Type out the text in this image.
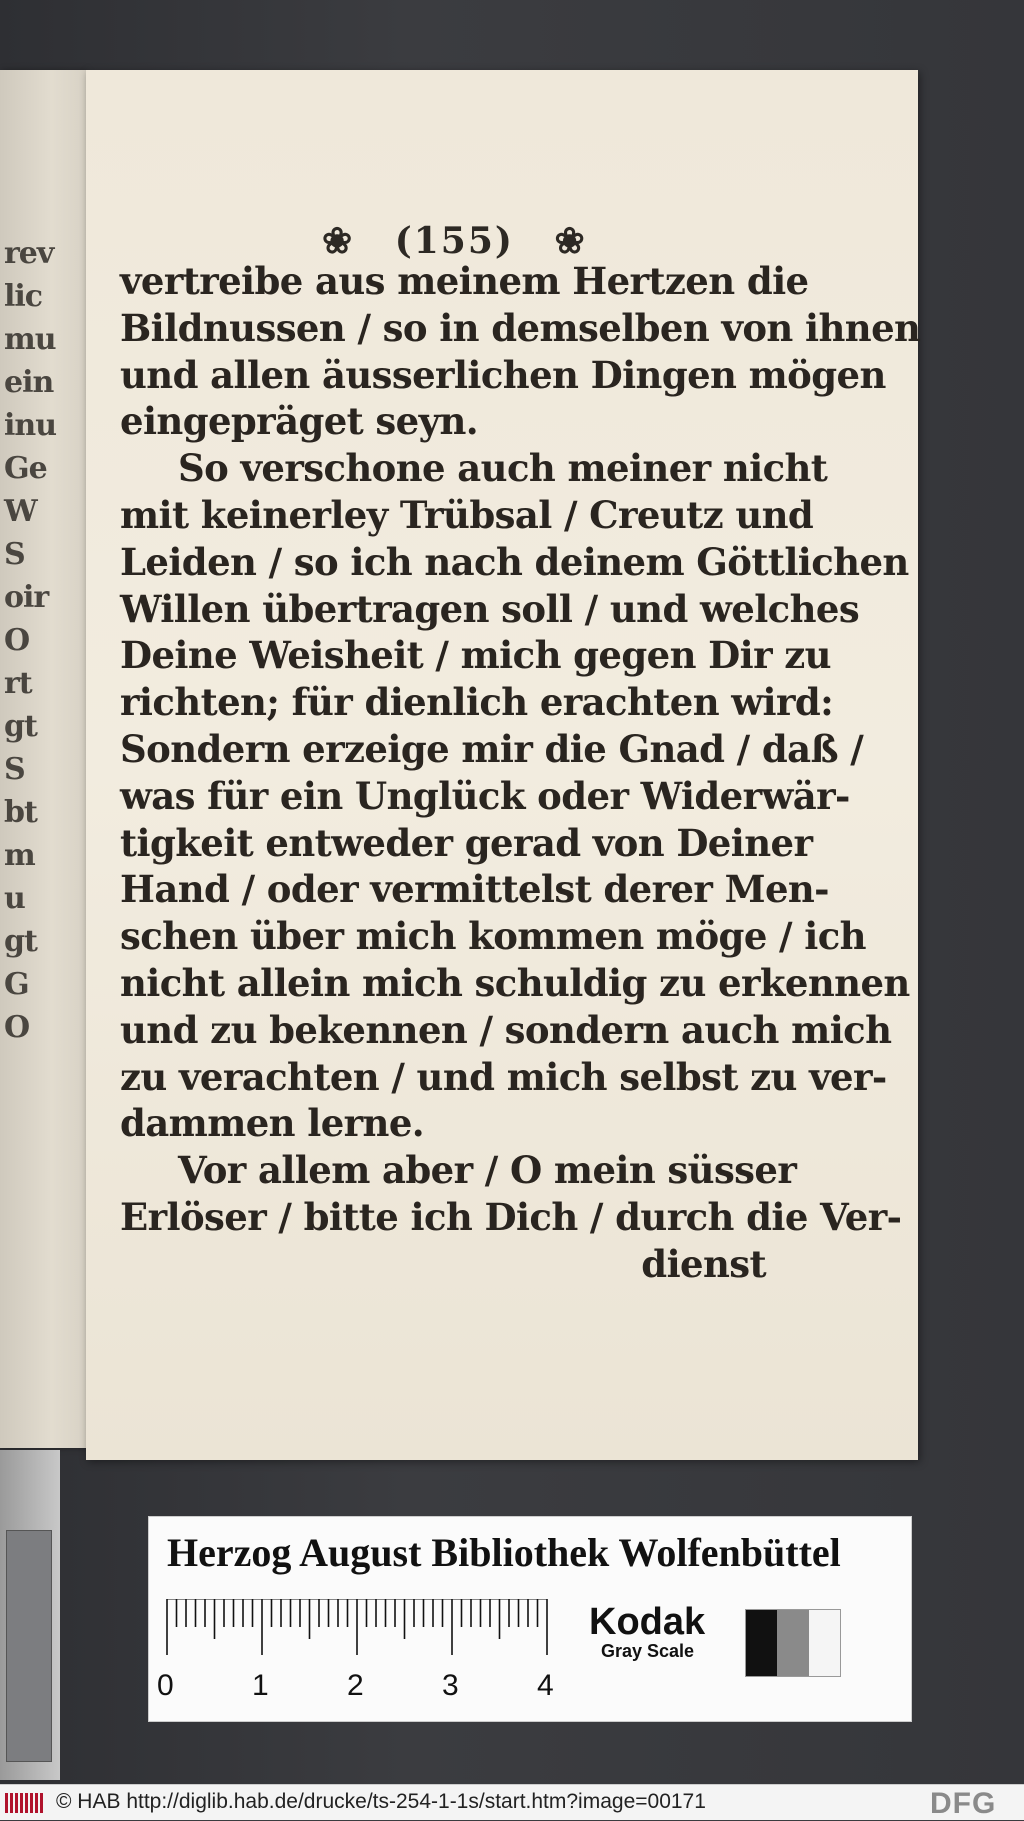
rev
lic
mu
ein
inu
Ge
W
S
oir
O
rt
gt
S
bt
m
u
gt
G
O
❀ (155) ❀
vertreibe aus meinem Hertzen die
Bildnussen / so in demselben von ihnen
und allen äusserlichen Dingen mögen
eingepräget seyn.
So verschone auch meiner nicht
mit keinerley Trübsal / Creutz und
Leiden / so ich nach deinem Göttlichen
Willen übertragen soll / und welches
Deine Weisheit / mich gegen Dir zu
richten; für dienlich erachten wird:
Sondern erzeige mir die Gnad / daß /
was für ein Unglück oder Widerwär-
tigkeit entweder gerad von Deiner
Hand / oder vermittelst derer Men-
schen über mich kommen möge / ich
nicht allein mich schuldig zu erkennen
und zu bekennen / sondern auch mich
zu verachten / und mich selbst zu ver-
dammen lerne.
Vor allem aber / O mein süsser
Erlöser / bitte ich Dich / durch die Ver-
dienst
Herzog August Bibliothek Wolfenbüttel
0	1	2	3	4
Kodak
Gray Scale
© HAB http://diglib.hab.de/drucke/ts-254-1-1s/start.htm?image=00171	DFG
